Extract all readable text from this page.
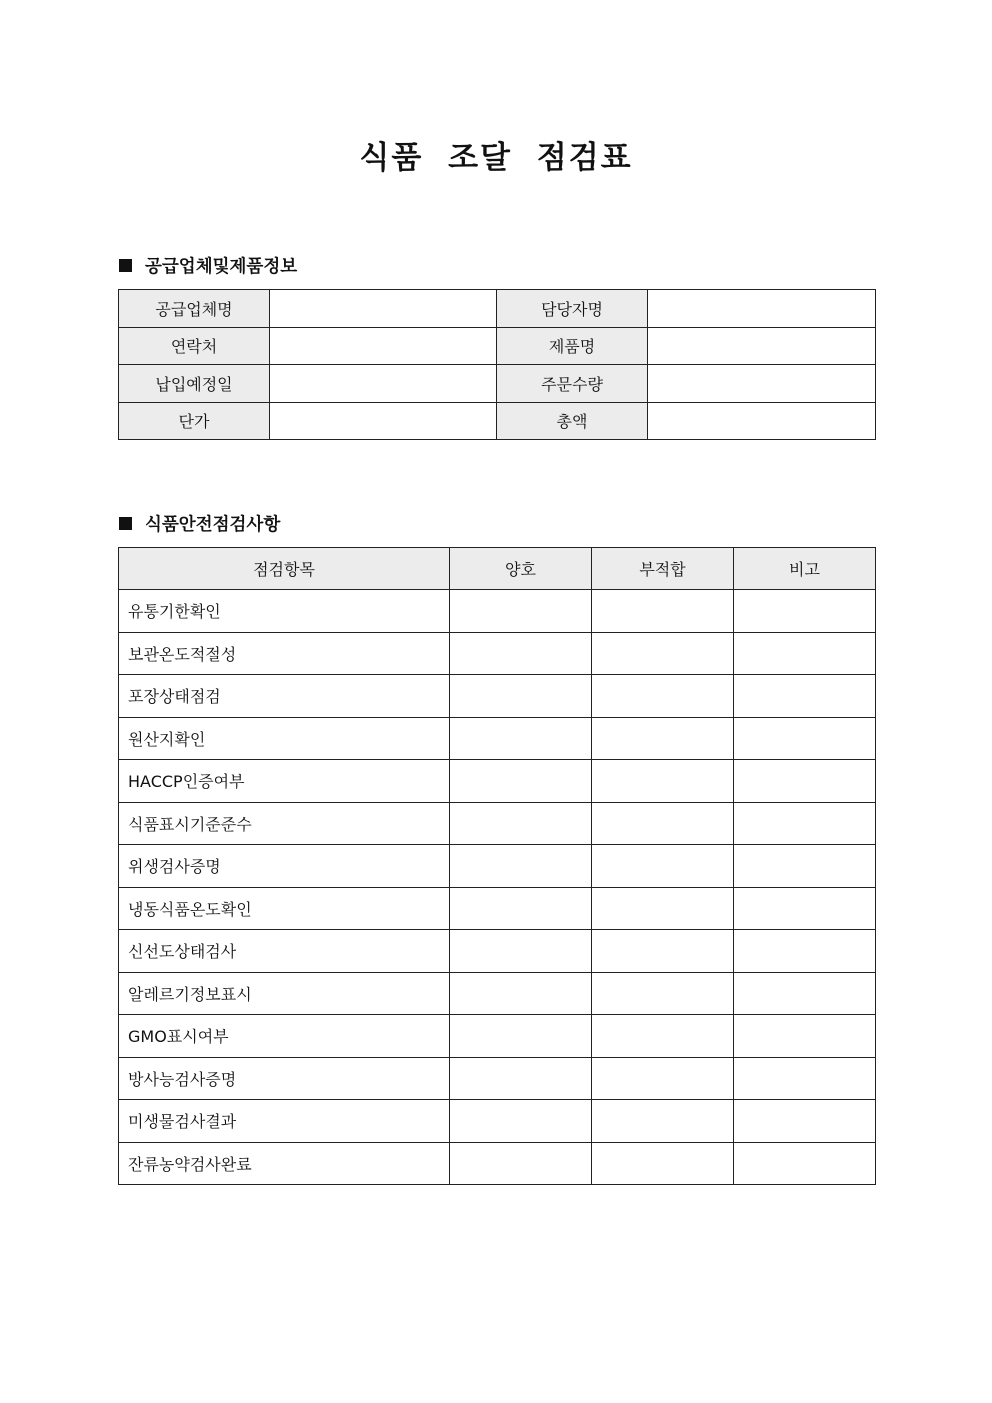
식품 조달 점검표
공급업체및제품정보
공급업체명		담당자명	
연락처		제품명	
납입예정일		주문수량	
단가		총액	
식품안전점검사항
점검항목	양호	부적합	비고
유통기한확인			
보관온도적절성			
포장상태점검			
원산지확인			
HACCP인증여부			
식품표시기준준수			
위생검사증명			
냉동식품온도확인			
신선도상태검사			
알레르기정보표시			
GMO표시여부			
방사능검사증명			
미생물검사결과			
잔류농약검사완료			
